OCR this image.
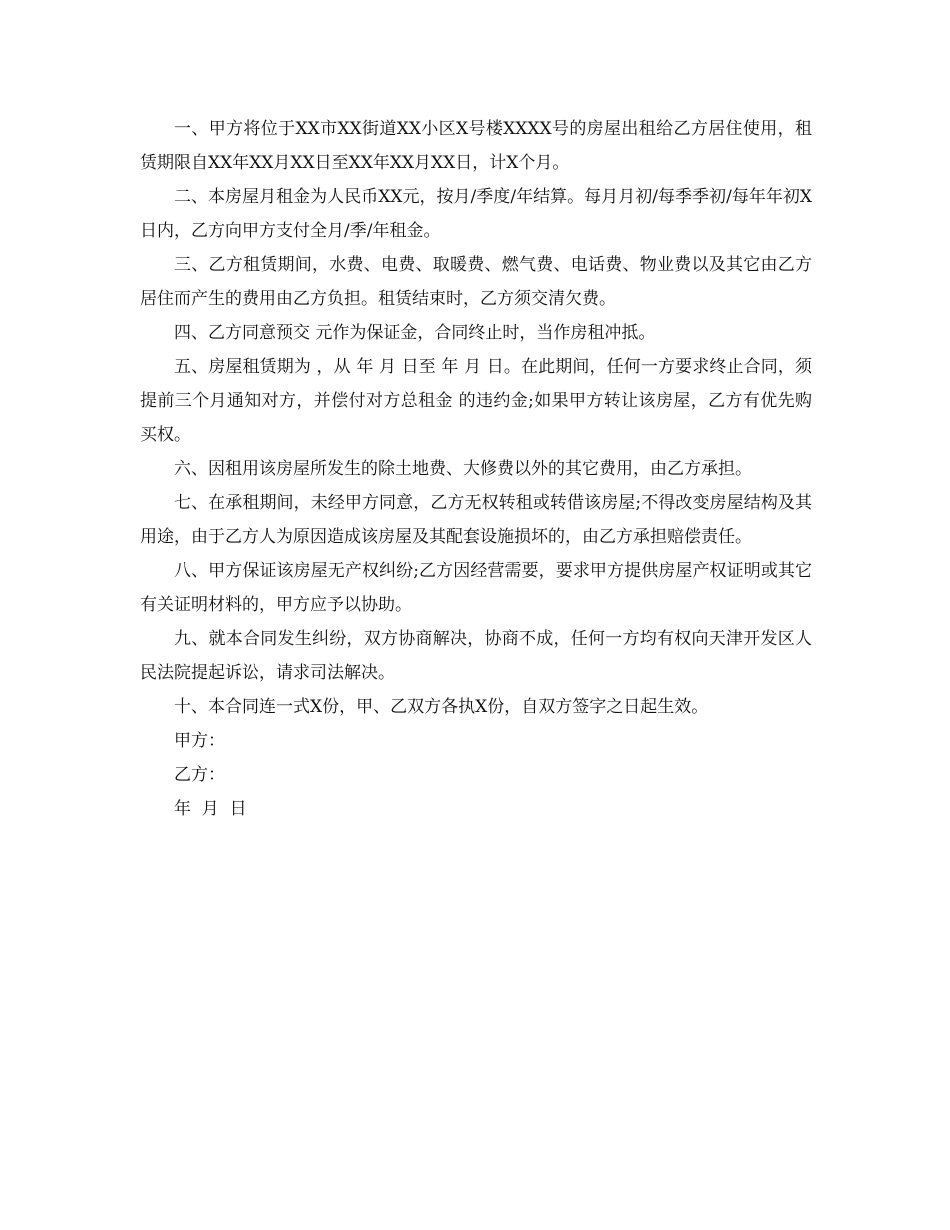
一、甲方将位于XX市XX街道XX小区X号楼XXXX号的房屋出租给乙方居住使用，租赁期限自XX年XX月XX日至XX年XX月XX日，计X个月。

二、本房屋月租金为人民币XX元，按月/季度/年结算。每月月初/每季季初/每年年初X日内，乙方向甲方支付全月/季/年租金。

三、乙方租赁期间，水费、电费、取暖费、燃气费、电话费、物业费以及其它由乙方居住而产生的费用由乙方负担。租赁结束时，乙方须交清欠费。

四、乙方同意预交 元作为保证金，合同终止时，当作房租冲抵。

五、房屋租赁期为 ，从 年 月 日至 年 月 日。在此期间，任何一方要求终止合同，须提前三个月通知对方，并偿付对方总租金 的违约金;如果甲方转让该房屋，乙方有优先购买权。

六、因租用该房屋所发生的除土地费、大修费以外的其它费用，由乙方承担。

七、在承租期间，未经甲方同意，乙方无权转租或转借该房屋;不得改变房屋结构及其用途，由于乙方人为原因造成该房屋及其配套设施损坏的，由乙方承担赔偿责任。

八、甲方保证该房屋无产权纠纷;乙方因经营需要，要求甲方提供房屋产权证明或其它有关证明材料的，甲方应予以协助。

九、就本合同发生纠纷，双方协商解决，协商不成，任何一方均有权向天津开发区人民法院提起诉讼，请求司法解决。

十、本合同连一式X份，甲、乙双方各执X份，自双方签字之日起生效。

甲方：

乙方：

年  月  日
